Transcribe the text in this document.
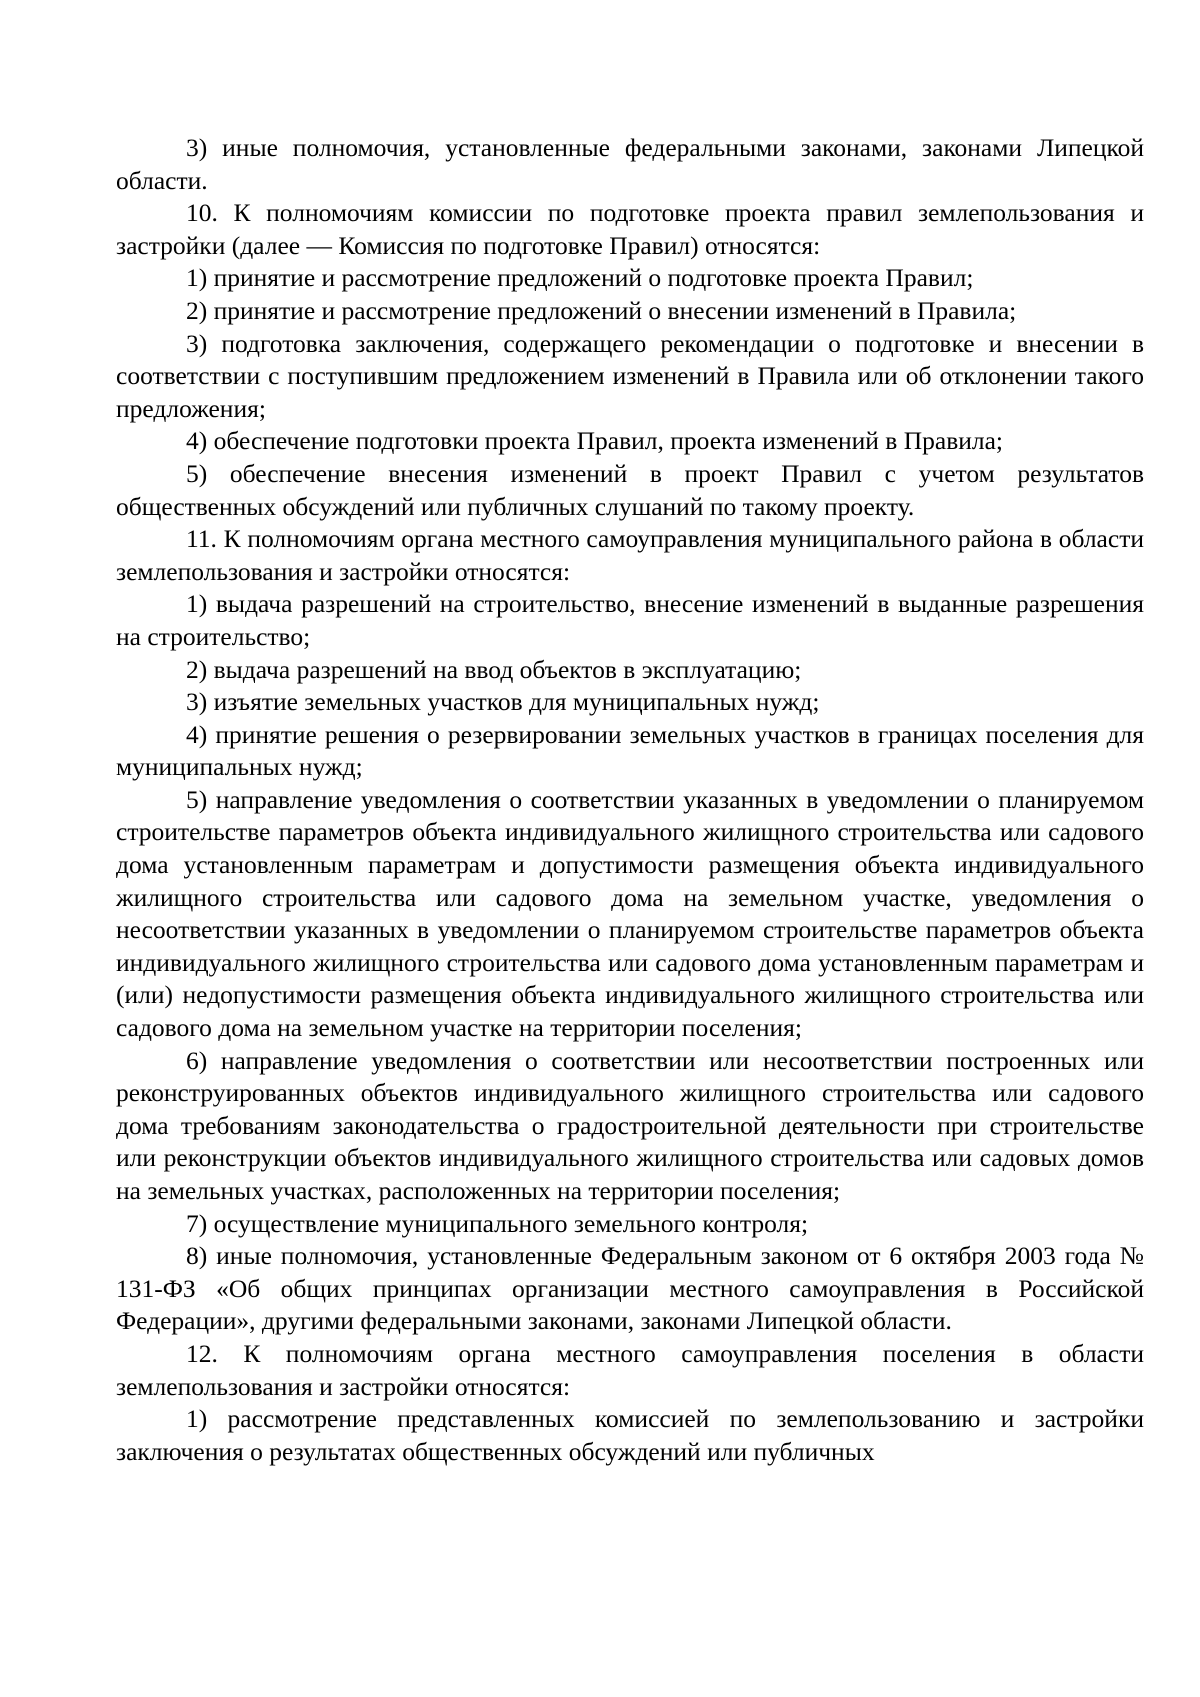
3) иные полномочия, установленные федеральными законами, законами Липецкой области.

10. К полномочиям комиссии по подготовке проекта правил землепользования и застройки (далее — Комиссия по подготовке Правил) относятся:

1) принятие и рассмотрение предложений о подготовке проекта Правил;

2) принятие и рассмотрение предложений о внесении изменений в Правила;

3) подготовка заключения, содержащего рекомендации о подготовке и внесении в соответствии с поступившим предложением изменений в Правила или об отклонении такого предложения;

4) обеспечение подготовки проекта Правил, проекта изменений в Правила;

5) обеспечение внесения изменений в проект Правил с учетом результатов общественных обсуждений или публичных слушаний по такому проекту.

11. К полномочиям органа местного самоуправления муниципального района в области землепользования и застройки относятся:

1) выдача разрешений на строительство, внесение изменений в выданные разрешения на строительство;

2) выдача разрешений на ввод объектов в эксплуатацию;

3) изъятие земельных участков для муниципальных нужд;

4) принятие решения о резервировании земельных участков в границах поселения для муниципальных нужд;

5) направление уведомления о соответствии указанных в уведомлении о планируемом строительстве параметров объекта индивидуального жилищного строительства или садового дома установленным параметрам и допустимости размещения объекта индивидуального жилищного строительства или садового дома на земельном участке, уведомления о несоответствии указанных в уведомлении о планируемом строительстве параметров объекта индивидуального жилищного строительства или садового дома установленным параметрам и (или) недопустимости размещения объекта индивидуального жилищного строительства или садового дома на земельном участке на территории поселения;

6) направление уведомления о соответствии или несоответствии построенных или реконструированных объектов индивидуального жилищного строительства или садового дома требованиям законодательства о градостроительной деятельности при строительстве или реконструкции объектов индивидуального жилищного строительства или садовых домов на земельных участках, расположенных на территории поселения;

7) осуществление муниципального земельного контроля;

8) иные полномочия, установленные Федеральным законом от 6 октября 2003 года № 131-ФЗ «Об общих принципах организации местного самоуправления в Российской Федерации», другими федеральными законами, законами Липецкой области.

12. К полномочиям органа местного самоуправления поселения в области землепользования и застройки относятся:

1) рассмотрение представленных комиссией по землепользованию и застройки заключения о результатах общественных обсуждений или публичных
